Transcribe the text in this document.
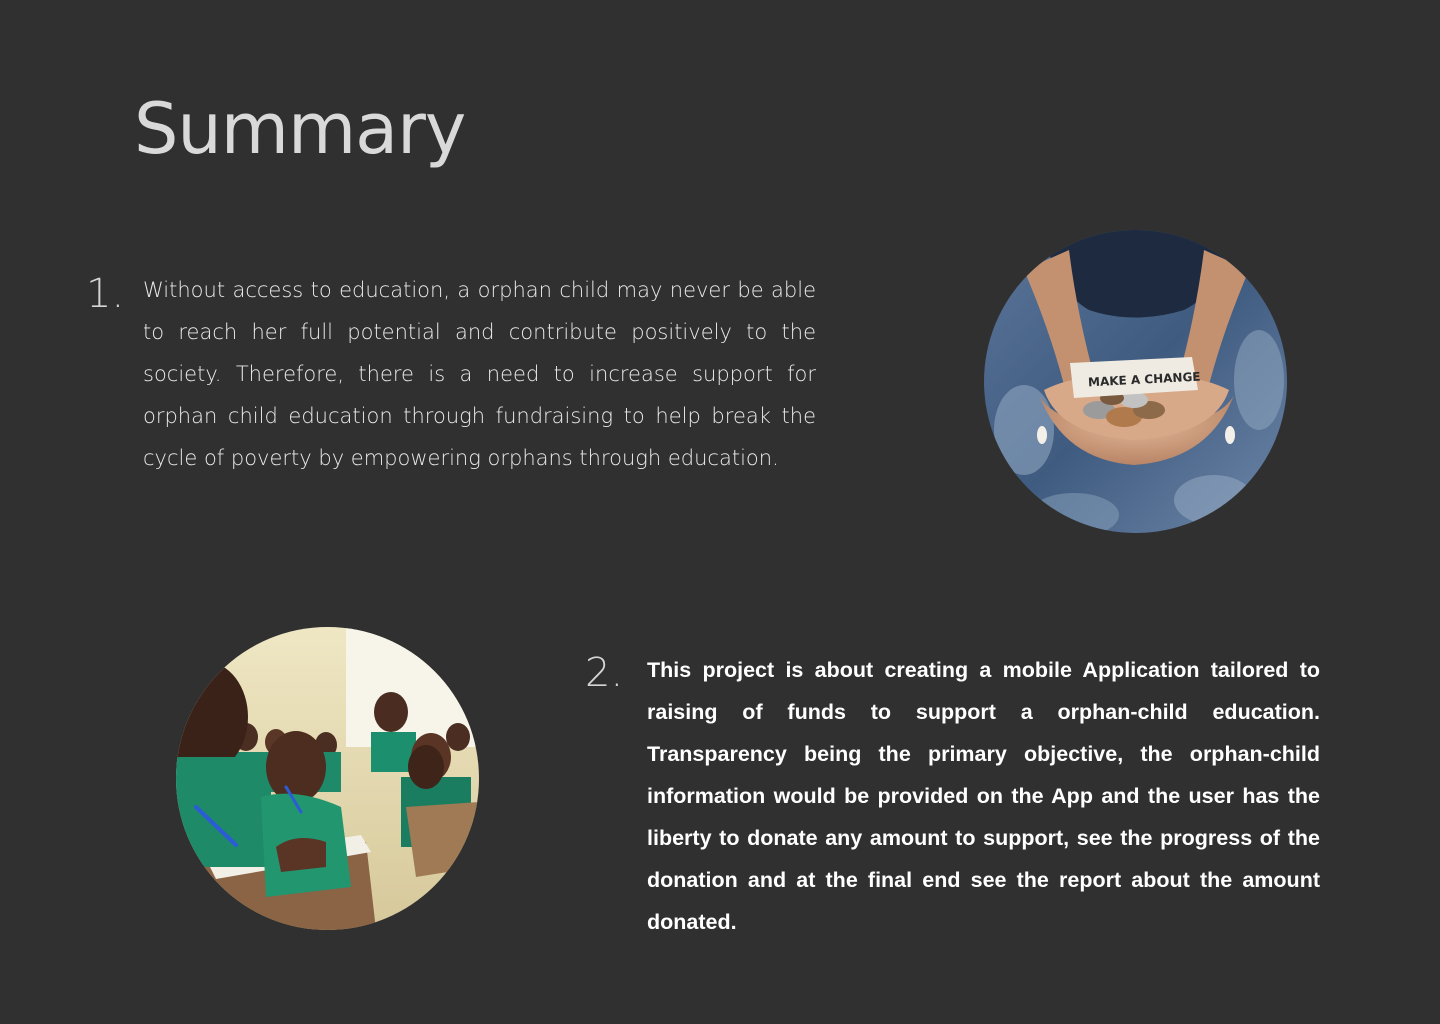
Summary
1. Without access to education, a orphan child may never be able to reach her full potential and contribute positively to the society. Therefore, there is a need to increase support for orphan child education through fundraising to help break the cycle of poverty by empowering orphans through education.

MAKE A CHANGE
2. This project is about creating a mobile Application tailored to raising of funds to support a orphan-child education. Transparency being the primary objective, the orphan-child information would be provided on the App and the user has the liberty to donate any amount to support, see the progress of the donation and at the final end see the report about the amount donated.
